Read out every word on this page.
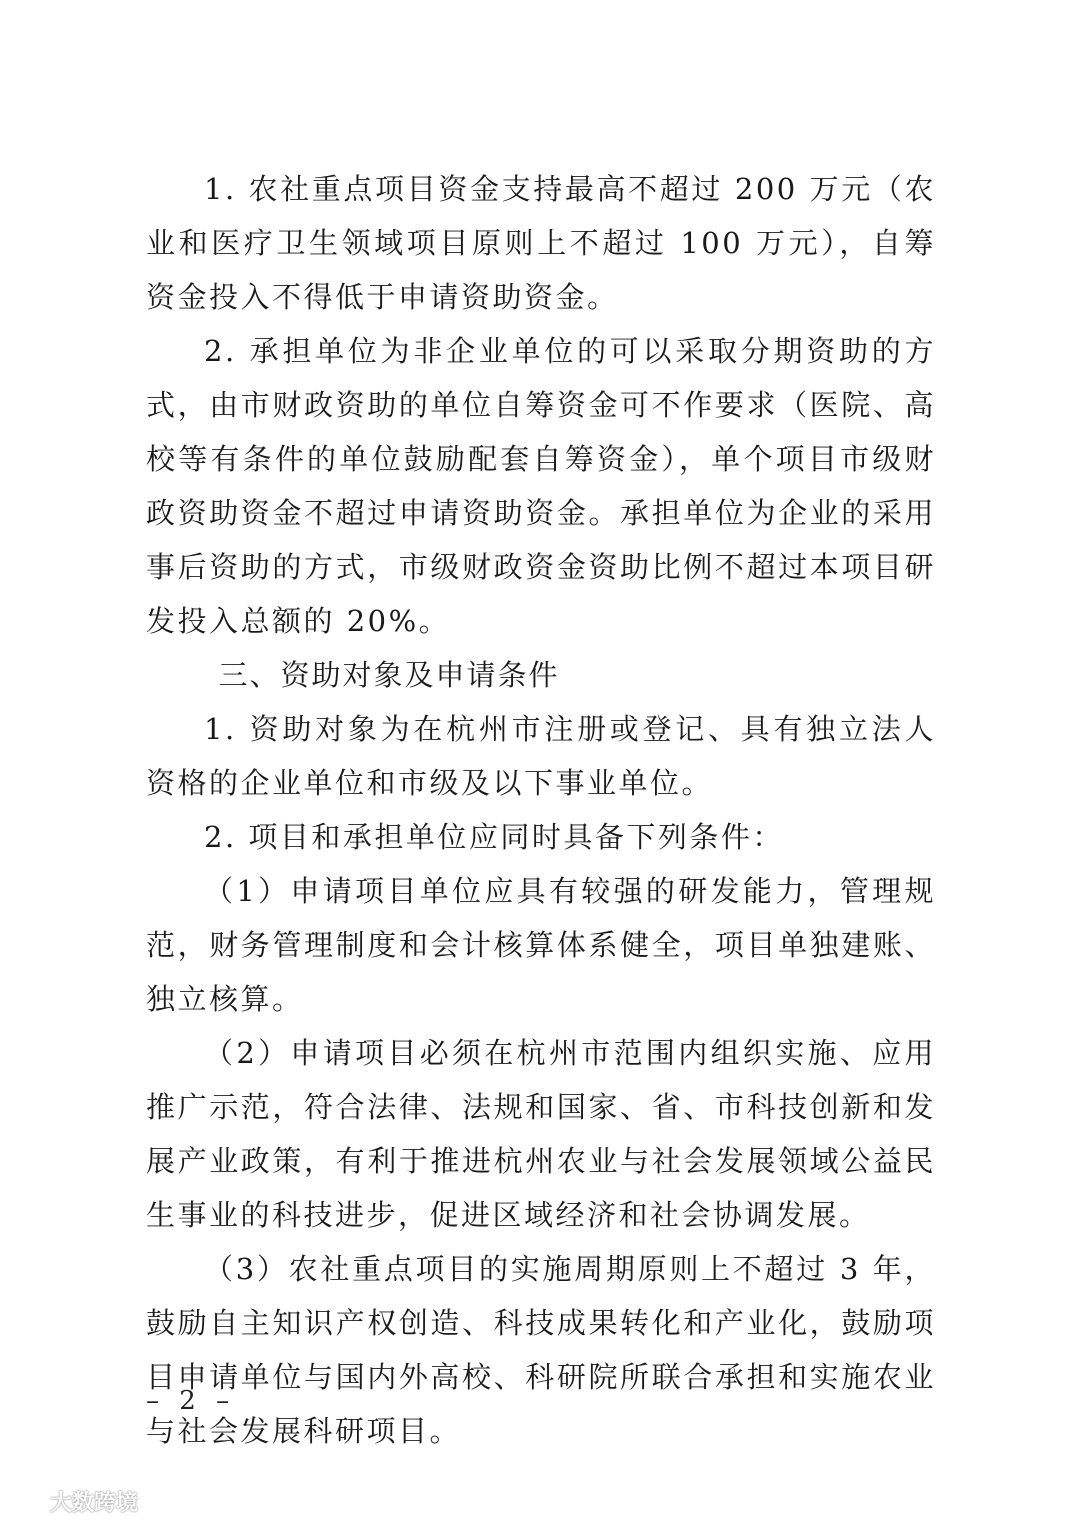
1. 农社重点项目资金支持最高不超过 200 万元（农业和医疗卫生领域项目原则上不超过 100 万元），自筹资金投入不得低于申请资助资金。

2. 承担单位为非企业单位的可以采取分期资助的方式，由市财政资助的单位自筹资金可不作要求（医院、高校等有条件的单位鼓励配套自筹资金），单个项目市级财政资助资金不超过申请资助资金。承担单位为企业的采用事后资助的方式，市级财政资金资助比例不超过本项目研发投入总额的 20%。

三、资助对象及申请条件

1. 资助对象为在杭州市注册或登记、具有独立法人资格的企业单位和市级及以下事业单位。

2. 项目和承担单位应同时具备下列条件：

（1）申请项目单位应具有较强的研发能力，管理规范，财务管理制度和会计核算体系健全，项目单独建账、独立核算。

（2）申请项目必须在杭州市范围内组织实施、应用推广示范，符合法律、法规和国家、省、市科技创新和发展产业政策，有利于推进杭州农业与社会发展领域公益民生事业的科技进步，促进区域经济和社会协调发展。

（3）农社重点项目的实施周期原则上不超过 3 年，鼓励自主知识产权创造、科技成果转化和产业化，鼓励项目申请单位与国内外高校、科研院所联合承担和实施农业与社会发展科研项目。

– 2 –
大数跨境
